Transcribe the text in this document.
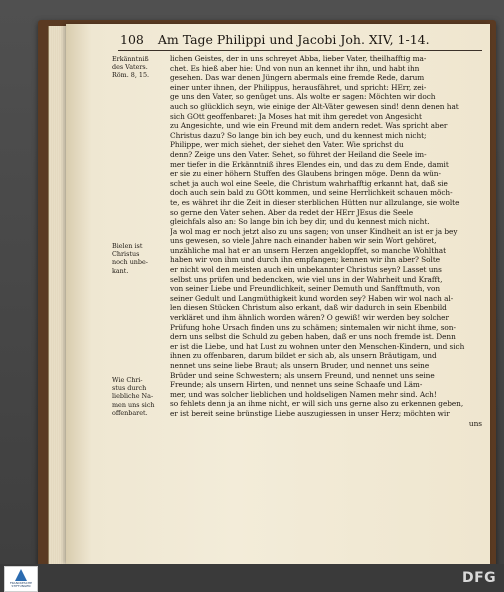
108 Am Tage Philippi und Jacobi Joh. XIV, 1-14.
Erkänntniß
des Vaters.
Röm. 8, 15.
Bielen ist
Christus
noch unbe-
kant.
Wie Chri-
stus durch
liebliche Na-
men uns sich
offenbaret.
lichen Geistes, der in uns schreyet Abba, lieber Vater, theilhafftig ma-
chet. Es hieß aber hie: Und von nun an kennet ihr ihn, und habt ihn
gesehen. Das war denen Jüngern abermals eine fremde Rede, darum
einer unter ihnen, der Philippus, herausfähret, und spricht: HErr, zei-
ge uns den Vater, so genüget uns. Als wolte er sagen: Möchten wir doch
auch so glücklich seyn, wie einige der Alt-Väter gewesen sind! denn denen hat
sich GOtt geoffenbaret: Ja Moses hat mit ihm geredet von Angesicht
zu Angesichte, und wie ein Freund mit dem andern redet. Was spricht aber
Christus dazu? So lange bin ich bey euch, und du kennest mich nicht;
Philippe, wer mich siehet, der siehet den Vater. Wie sprichst du
denn? Zeige uns den Vater. Sehet, so führet der Heiland die Seele im-
mer tiefer in die Erkänntniß ihres Elendes ein, und das zu dem Ende, damit
er sie zu einer höhern Stuffen des Glaubens bringen möge. Denn da wün-
schet ja auch wol eine Seele, die Christum wahrhafftig erkannt hat, daß sie
doch auch sein bald zu GOtt kommen, und seine Herrlichkeit schauen möch-
te, es währet ihr die Zeit in dieser sterblichen Hütten nur allzulange, sie wolte
so gerne den Vater sehen. Aber da redet der HErr JEsus die Seele
gleichfals also an: So lange bin ich bey dir, und du kennest mich nicht.
Ja wol mag er noch jetzt also zu uns sagen; von unser Kindheit an ist er ja bey
uns gewesen, so viele Jahre nach einander haben wir sein Wort gehöret,
unzähliche mal hat er an unsern Herzen angeklopffet, so manche Wohlthat
haben wir von ihm und durch ihn empfangen; kennen wir ihn aber? Solte
er nicht wol den meisten auch ein unbekannter Christus seyn? Lasset uns
selbst uns prüfen und bedencken, wie viel uns in der Wahrheit und Krafft,
von seiner Liebe und Freundlichkeit, seiner Demuth und Sanfftmuth, von
seiner Gedult und Langmüthigkeit kund worden sey? Haben wir wol nach al-
len diesen Stücken Christum also erkant, daß wir dadurch in sein Ebenbild
verkläret und ihm ähnlich worden wären? O gewiß! wir werden bey solcher
Prüfung hohe Ursach finden uns zu schämen; sintemalen wir nicht ihme, son-
dern uns selbst die Schuld zu geben haben, daß er uns noch fremde ist. Denn
er ist die Liebe, und hat Lust zu wohnen unter den Menschen-Kindern, und sich
ihnen zu offenbaren, darum bildet er sich ab, als unsern Bräutigam, und
nennet uns seine liebe Braut; als unsern Bruder, und nennet uns seine
Brüder und seine Schwestern; als unsern Freund, und nennet uns seine
Freunde; als unsern Hirten, und nennet uns seine Schaafe und Läm-
mer, und was solcher lieblichen und holdseligen Namen mehr sind. Ach!
so fehlets denn ja an ihme nicht, er will sich uns gerne also zu erkennen geben,
er ist bereit seine brünstige Liebe auszugiessen in unser Herz; möchten wir
uns
FRANCKESCHE STIFTUNGEN
DFG
